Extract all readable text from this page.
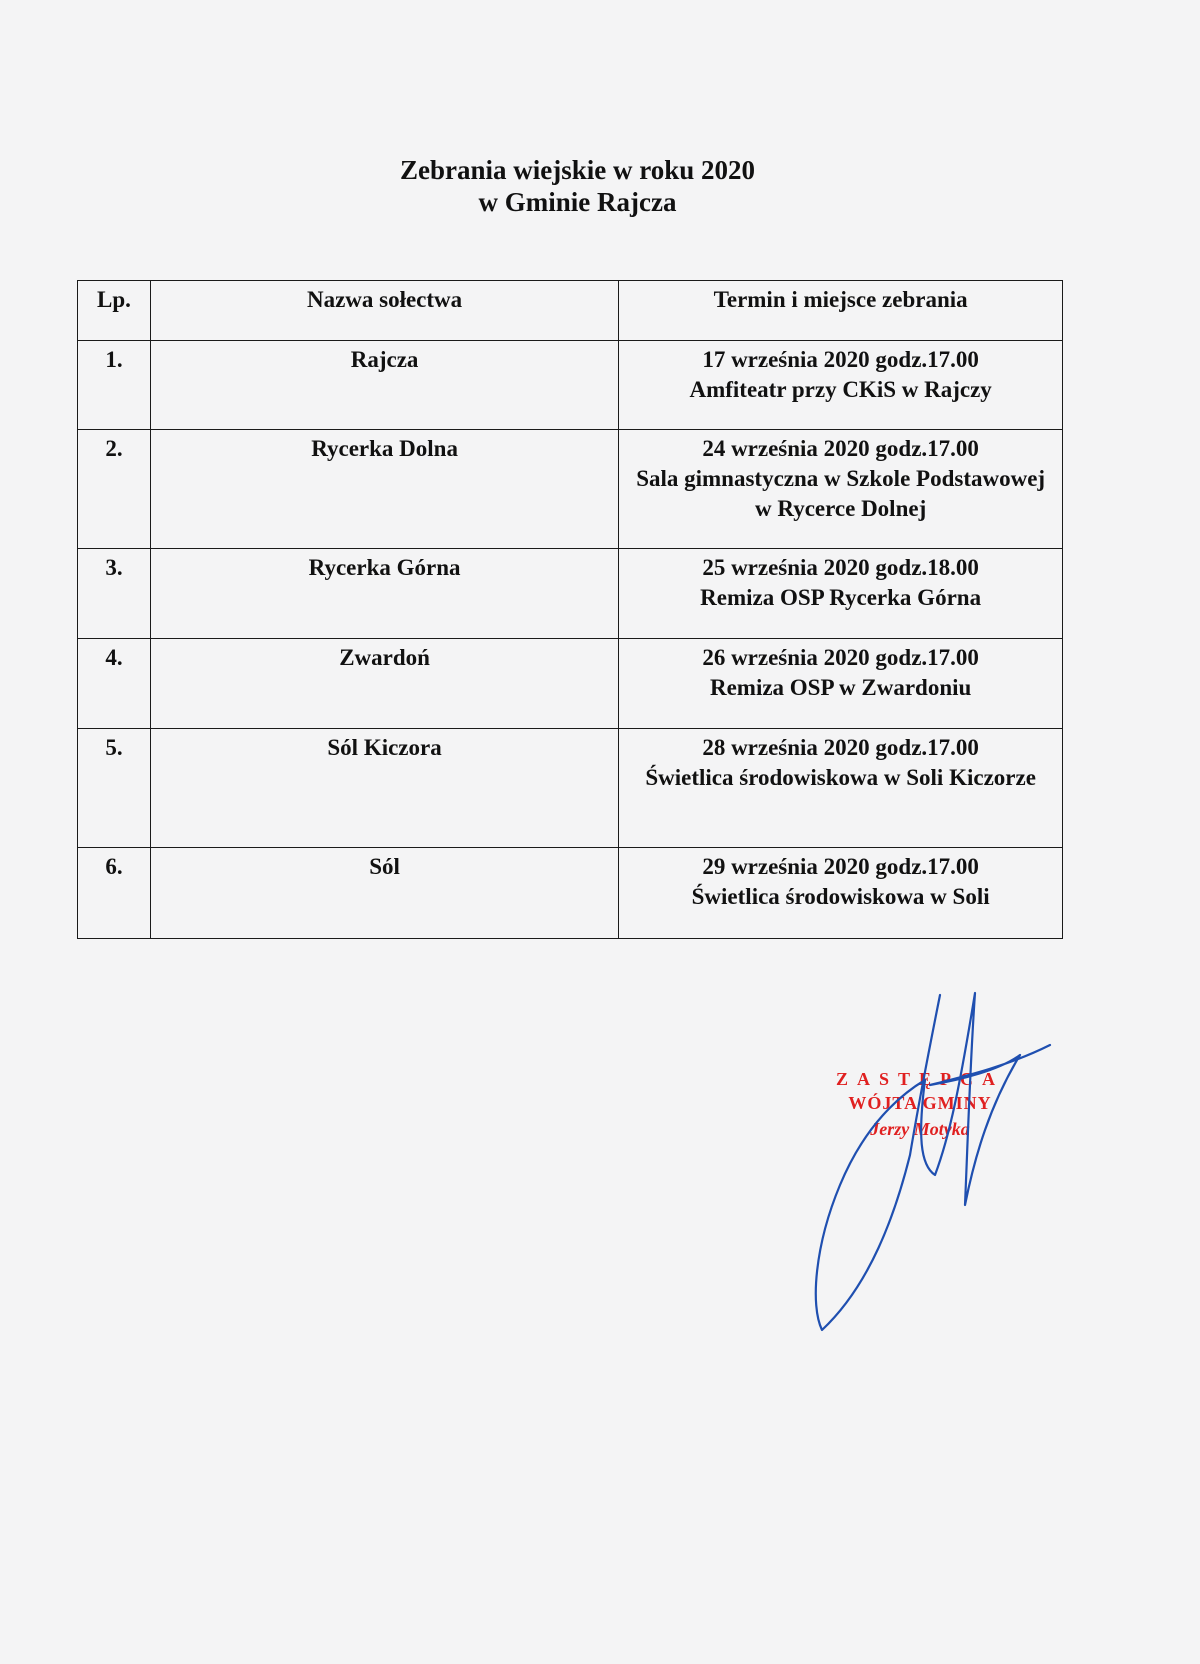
Zebrania wiejskie w roku 2020
w Gminie Rajcza
Lp.	Nazwa sołectwa	Termin i miejsce zebrania
1.	Rajcza	17 września 2020 godz.17.00
Amfiteatr przy CKiS w Rajczy

2.	Rycerka Dolna	24 września 2020 godz.17.00
Sala gimnastyczna w Szkole Podstawowej w Rycerce Dolnej

3.	Rycerka Górna	25 września 2020 godz.18.00
Remiza OSP Rycerka Górna

4.	Zwardoń	26 września 2020 godz.17.00
Remiza OSP w Zwardoniu

5.	Sól Kiczora	28 września 2020 godz.17.00
Świetlica środowiskowa w Soli Kiczorze

6.	Sól	29 września 2020 godz.17.00
Świetlica środowiskowa w Soli
ZASTĘPCA
WÓJTA GMINY
Jerzy Motyka
